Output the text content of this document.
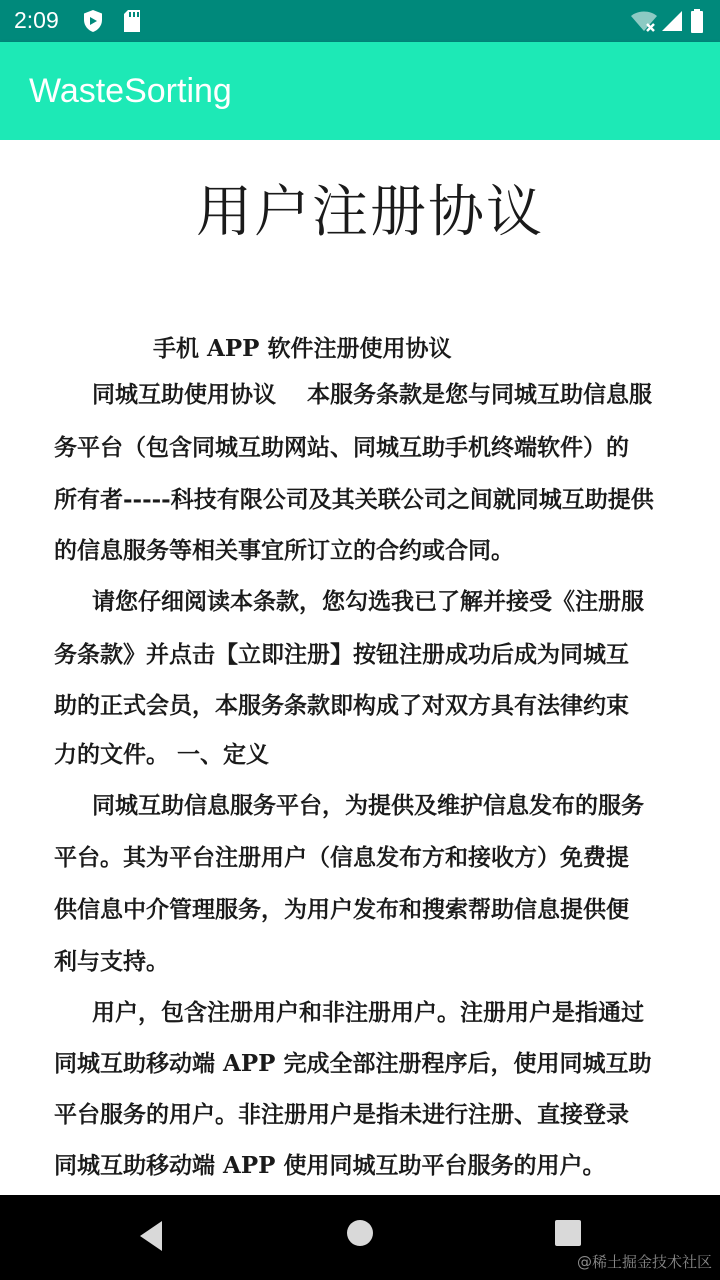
2:09
WasteSorting
用户注册协议
手机 APP 软件注册使用协议
同城互助使用协议　 本服务条款是您与同城互助信息服
务平台（包含同城互助网站、同城互助手机终端软件）的
所有者-----科技有限公司及其关联公司之间就同城互助提供
的信息服务等相关事宜所订立的合约或合同。
请您仔细阅读本条款，您勾选我已了解并接受《注册服
务条款》并点击【立即注册】按钮注册成功后成为同城互
助的正式会员，本服务条款即构成了对双方具有法律约束
力的文件。 一、定义
同城互助信息服务平台，为提供及维护信息发布的服务
平台。其为平台注册用户（信息发布方和接收方）免费提
供信息中介管理服务，为用户发布和搜索帮助信息提供便
利与支持。
用户，包含注册用户和非注册用户。注册用户是指通过
同城互助移动端 APP 完成全部注册程序后，使用同城互助
平台服务的用户。非注册用户是指未进行注册、直接登录
同城互助移动端 APP 使用同城互助平台服务的用户。
@稀土掘金技术社区
